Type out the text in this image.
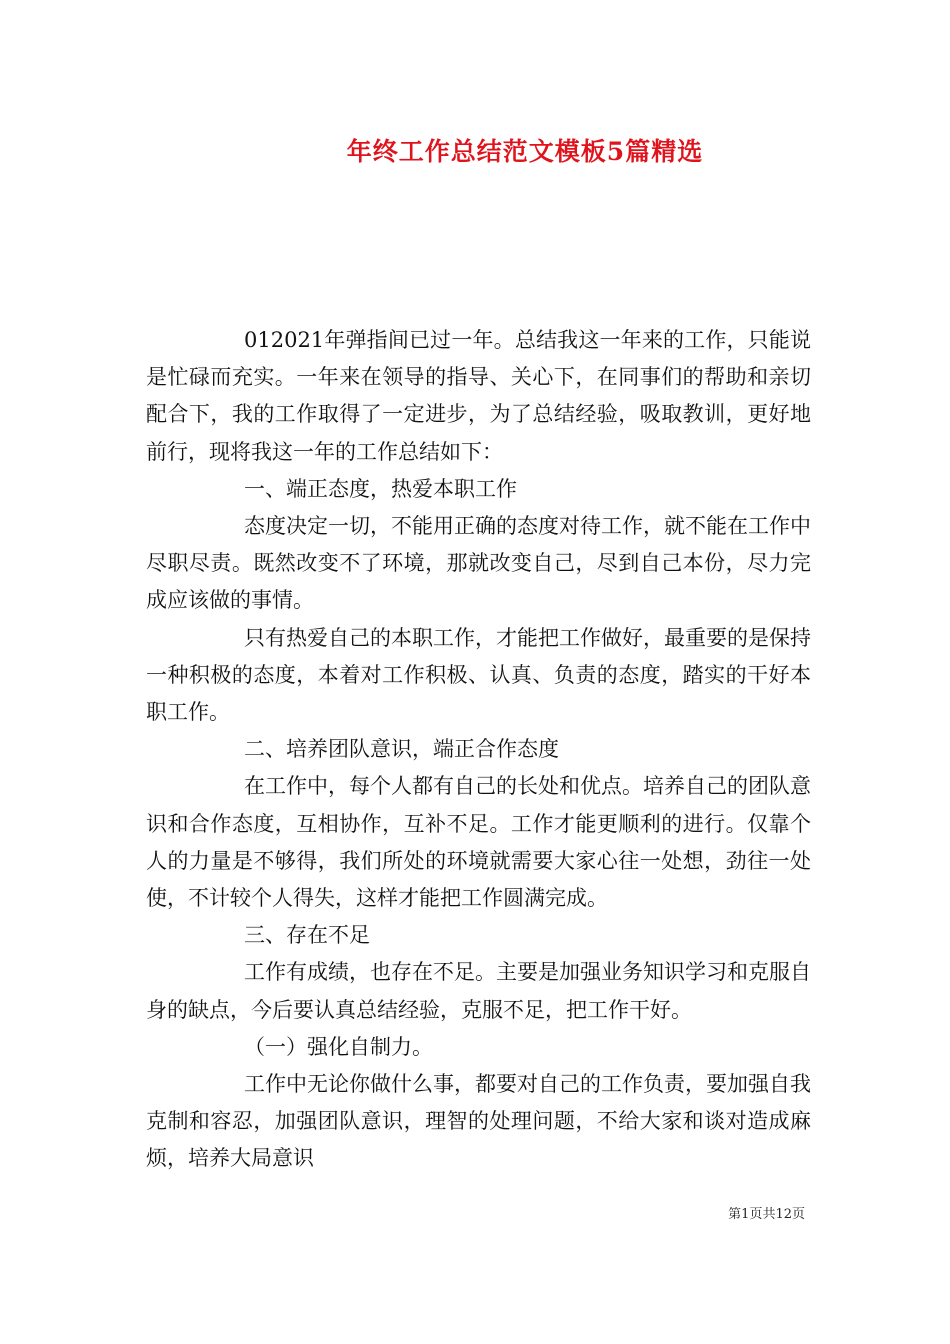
年终工作总结范文模板5篇精选

012021年弹指间已过一年。总结我这一年来的工作，只能说是忙碌而充实。一年来在领导的指导、关心下，在同事们的帮助和亲切配合下，我的工作取得了一定进步，为了总结经验，吸取教训，更好地前行，现将我这一年的工作总结如下：

一、端正态度，热爱本职工作

态度决定一切，不能用正确的态度对待工作，就不能在工作中尽职尽责。既然改变不了环境，那就改变自己，尽到自己本份，尽力完成应该做的事情。

只有热爱自己的本职工作，才能把工作做好，最重要的是保持一种积极的态度，本着对工作积极、认真、负责的态度，踏实的干好本职工作。

二、培养团队意识，端正合作态度

在工作中，每个人都有自己的长处和优点。培养自己的团队意识和合作态度，互相协作，互补不足。工作才能更顺利的进行。仅靠个人的力量是不够得，我们所处的环境就需要大家心往一处想，劲往一处使，不计较个人得失，这样才能把工作圆满完成。

三、存在不足

工作有成绩，也存在不足。主要是加强业务知识学习和克服自身的缺点，今后要认真总结经验，克服不足，把工作干好。

（一）强化自制力。

工作中无论你做什么事，都要对自己的工作负责，要加强自我克制和容忍，加强团队意识，理智的处理问题，不给大家和谈对造成麻烦，培养大局意识

第1页共12页
